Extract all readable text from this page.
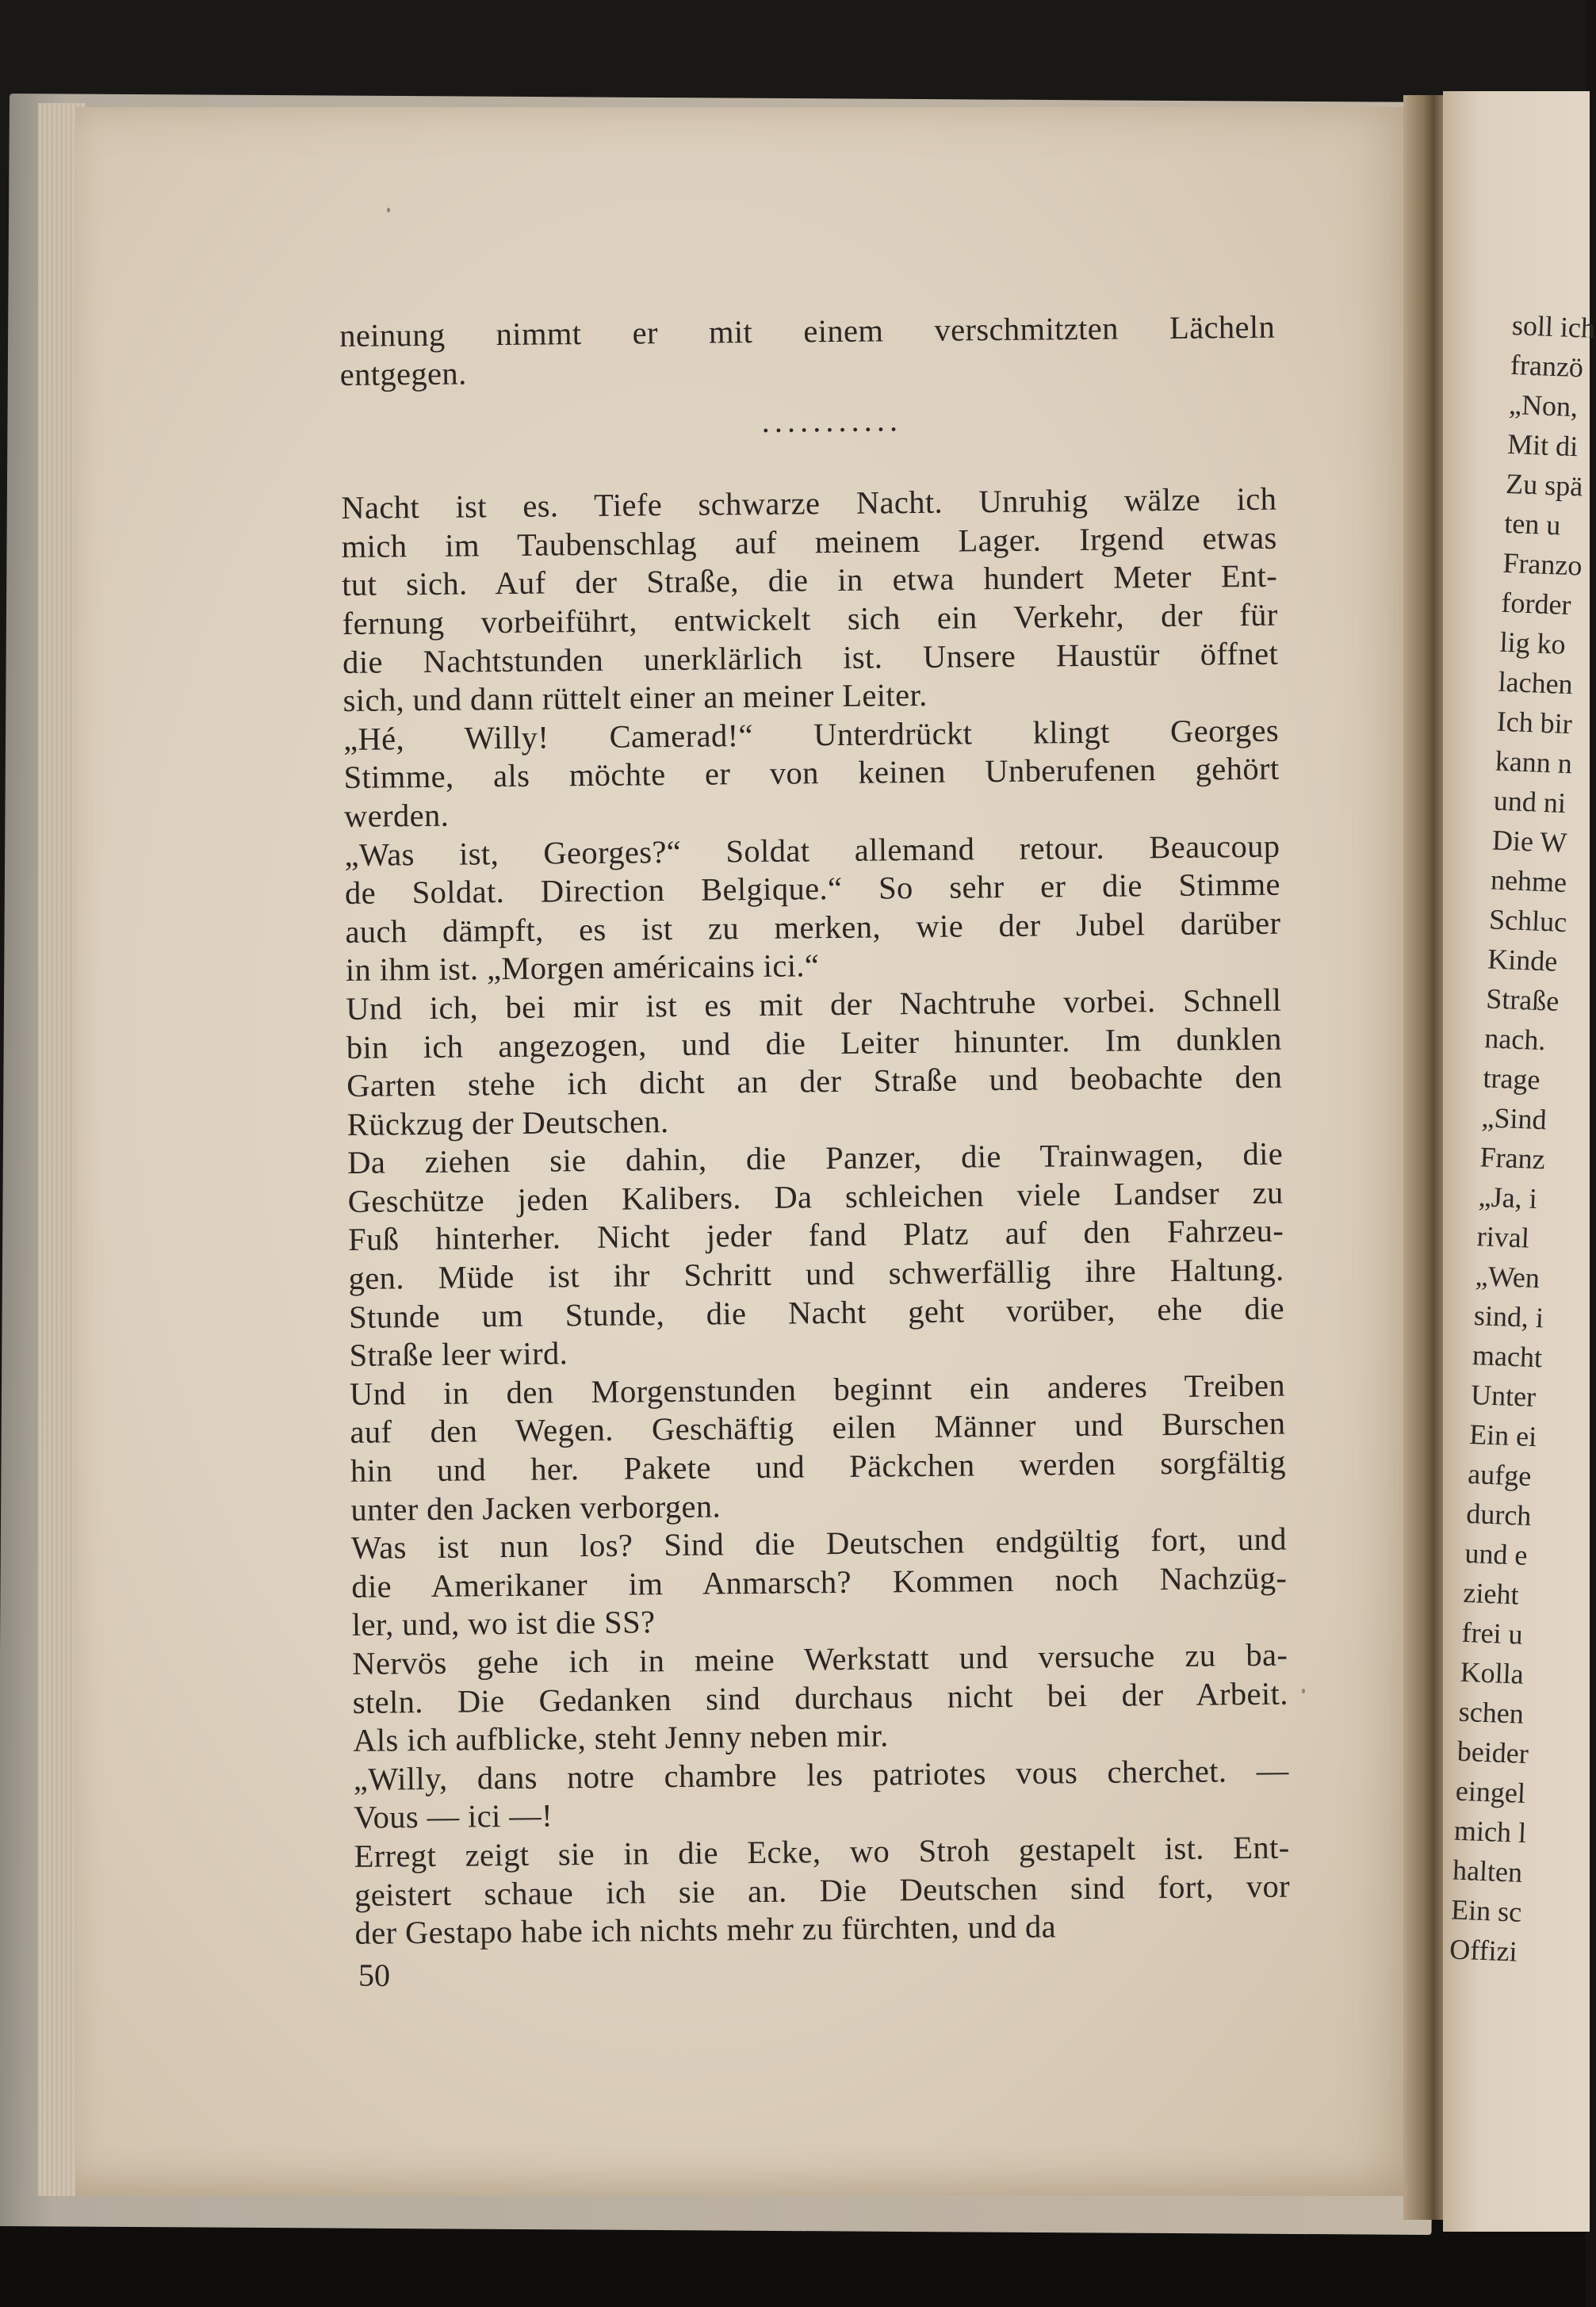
neinung nimmt er mit einem verschmitzten Lächeln
entgegen.
...........
Nacht ist es. Tiefe schwarze Nacht. Unruhig wälze ich
mich im Taubenschlag auf meinem Lager. Irgend etwas
tut sich. Auf der Straße, die in etwa hundert Meter Ent-
fernung vorbeiführt, entwickelt sich ein Verkehr, der für
die Nachtstunden unerklärlich ist. Unsere Haustür öffnet
sich, und dann rüttelt einer an meiner Leiter.
„Hé, Willy! Camerad!“ Unterdrückt klingt Georges
Stimme, als möchte er von keinen Unberufenen gehört
werden.
„Was ist, Georges?“ Soldat allemand retour. Beaucoup
de Soldat. Direction Belgique.“ So sehr er die Stimme
auch dämpft, es ist zu merken, wie der Jubel darüber
in ihm ist. „Morgen américains ici.“
Und ich, bei mir ist es mit der Nachtruhe vorbei. Schnell
bin ich angezogen, und die Leiter hinunter. Im dunklen
Garten stehe ich dicht an der Straße und beobachte den
Rückzug der Deutschen.
Da ziehen sie dahin, die Panzer, die Trainwagen, die
Geschütze jeden Kalibers. Da schleichen viele Landser zu
Fuß hinterher. Nicht jeder fand Platz auf den Fahrzeu-
gen. Müde ist ihr Schritt und schwerfällig ihre Haltung.
Stunde um Stunde, die Nacht geht vorüber, ehe die
Straße leer wird.
Und in den Morgenstunden beginnt ein anderes Treiben
auf den Wegen. Geschäftig eilen Männer und Burschen
hin und her. Pakete und Päckchen werden sorgfältig
unter den Jacken verborgen.
Was ist nun los? Sind die Deutschen endgültig fort, und
die Amerikaner im Anmarsch? Kommen noch Nachzüg-
ler, und, wo ist die SS?
Nervös gehe ich in meine Werkstatt und versuche zu ba-
steln. Die Gedanken sind durchaus nicht bei der Arbeit.
Als ich aufblicke, steht Jenny neben mir.
„Willy, dans notre chambre les patriotes vous cherchet. —
Vous — ici —!
Erregt zeigt sie in die Ecke, wo Stroh gestapelt ist. Ent-
geistert schaue ich sie an. Die Deutschen sind fort, vor
der Gestapo habe ich nichts mehr zu fürchten, und da
50
soll ich
franzö
„Non,
Mit di
Zu spä
ten u
Franzo
forder
lig ko
lachen
Ich bir
kann n
und ni
Die W
nehme
Schluc
Kinde
Straße
nach.
trage
„Sind
Franz
„Ja, i
rival
„Wen
sind, i
macht
Unter
Ein ei
aufge
durch
und e
zieht
frei u
Kolla
schen
beider
eingel
mich l
halten
Ein sc
Offizi
